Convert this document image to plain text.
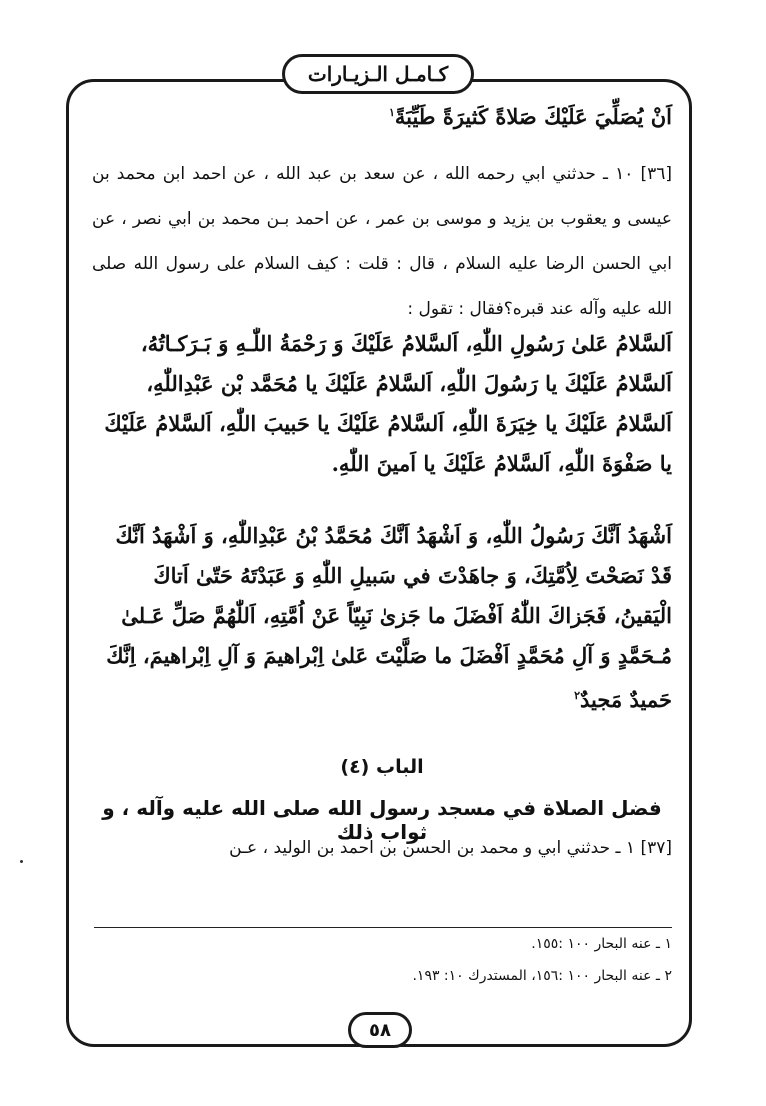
كـامـل الـزيـارات

اَنْ يُصَلِّيَ عَلَيْكَ صَلاةً كَثيرَةً طَيِّبَةً$^١$

[٣٦] ١٠ ـ حدثني ابي رحمه الله ، عن سعد بن عبد الله ، عن احمد ابن محمد بن عيسى و يعقوب بن يزيد و موسى بن عمر ، عن احمد بـن محمد بن ابي نصر ، عن ابي الحسن الرضا عليه السلام ، قال : قلت : كيف السلام على رسول الله صلى الله عليه وآله عند قبره؟فقال : تقول :

اَلسَّلامُ عَلىٰ رَسُولِ اللّٰهِ، اَلسَّلامُ عَلَيْكَ وَ رَحْمَةُ اللّٰـهِ وَ بَـرَكـاتُهُ، اَلسَّلامُ عَلَيْكَ يا رَسُولَ اللّٰهِ، اَلسَّلامُ عَلَيْكَ يا مُحَمَّد بْن عَبْدِاللّٰهِ، اَلسَّلامُ عَلَيْكَ يا خِيَرَةَ اللّٰهِ، اَلسَّلامُ عَلَيْكَ يا حَبيبَ اللّٰهِ، اَلسَّلامُ عَلَيْكَ يا صَفْوَةَ اللّٰهِ، اَلسَّلامُ عَلَيْكَ يا اَمينَ اللّٰهِ.

اَشْهَدُ اَنَّكَ رَسُولُ اللّٰهِ، وَ اَشْهَدُ اَنَّكَ مُحَمَّدُ بْنُ عَبْدِاللّٰهِ، وَ اَشْهَدُ اَنَّكَ قَدْ نَصَحْتَ لِاُمَّتِكَ، وَ جاهَدْتَ في سَبيلِ اللّٰهِ وَ عَبَدْتَهُ حَتّىٰ اَتاكَ الْيَقينُ، فَجَزاكَ اللّٰهُ اَفْضَلَ ما جَزىٰ نَبِيّاً عَنْ اُمَّتِهِ، اَللّٰهُمَّ صَلِّ عَـلىٰ مُـحَمَّدٍ وَ آلِ مُحَمَّدٍ اَفْضَلَ ما صَلَّيْتَ عَلىٰ اِبْراهيمَ وَ آلِ اِبْراهيمَ، اِنَّكَ حَميدٌ مَجيدٌ$^٢$

الباب (٤)

فضل الصلاة في مسجد رسول الله صلى الله عليه وآله ، و ثواب ذلك

[٣٧] ١ ـ حدثني ابي و محمد بن الحسن بن احمد بن الوليد ، عـن

١ ـ عنه البحار ١٠٠ :١٥٥.
٢ ـ عنه البحار ١٠٠ :١٥٦، المستدرك ١٠: ١٩٣.
٥٨
